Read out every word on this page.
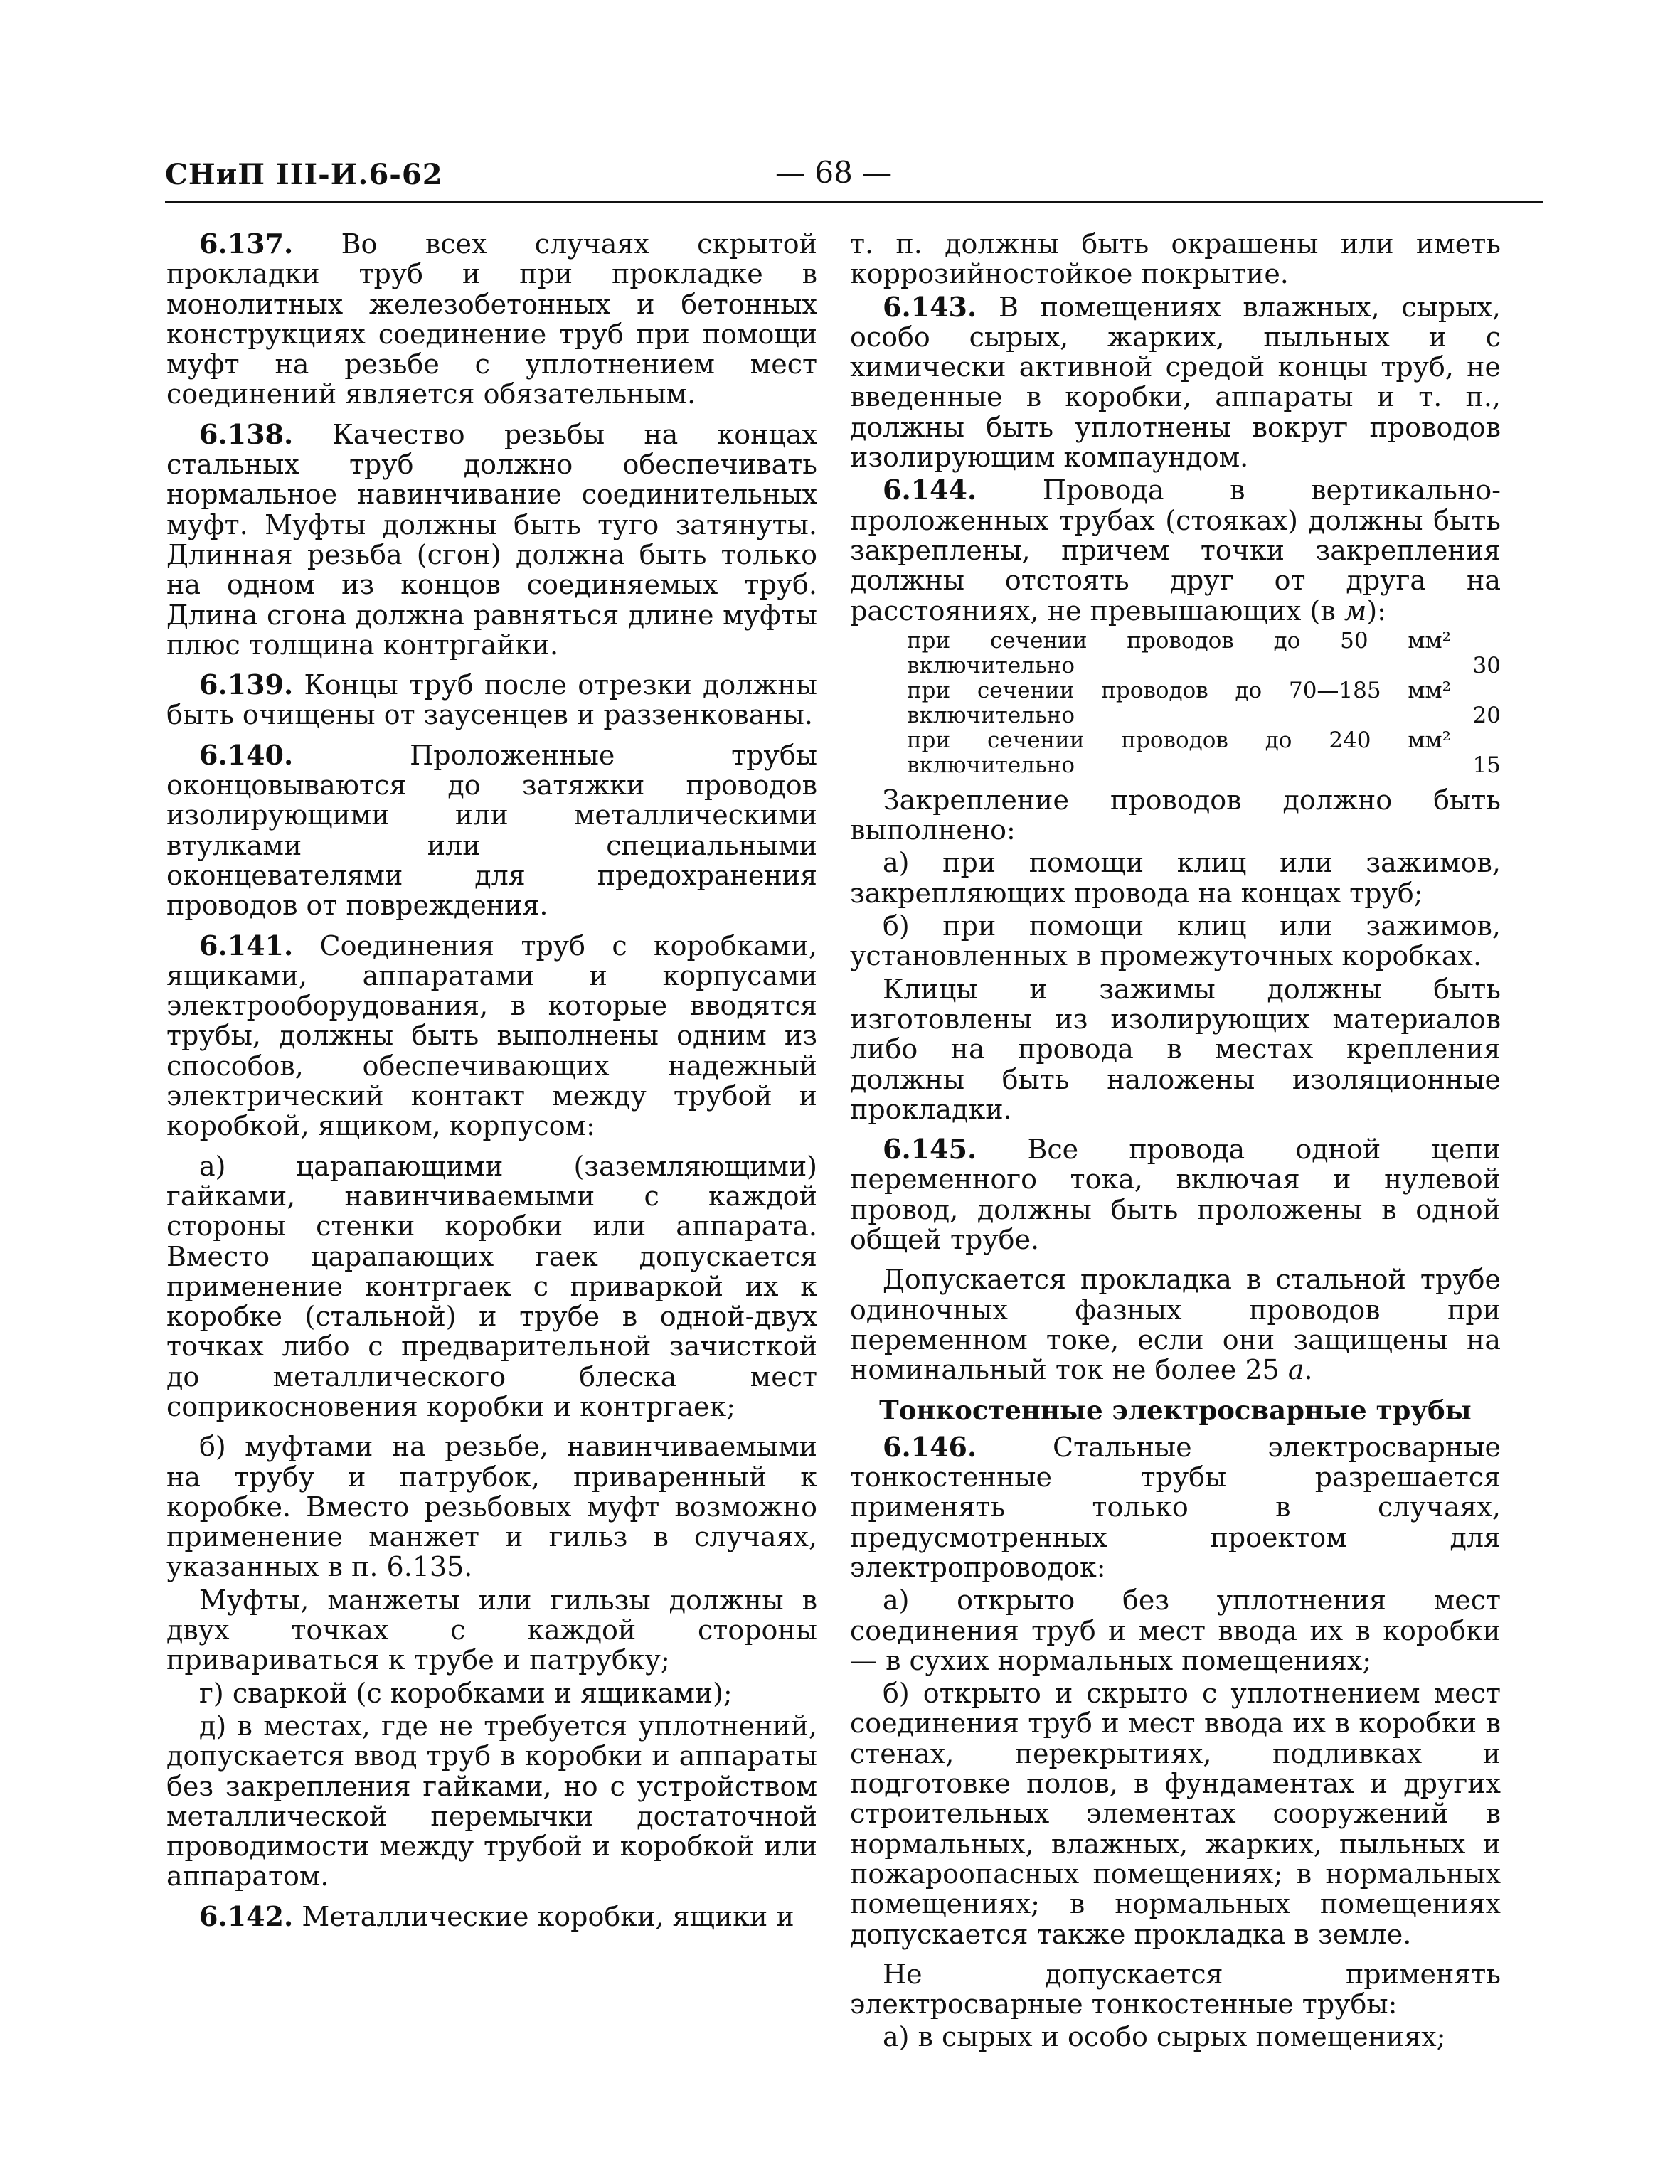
СНиП III-И.6-62	— 68 —

6.137. Во всех случаях скрытой прокладки труб и при прокладке в монолитных железобетонных и бетонных конструкциях соединение труб при помощи муфт на резьбе с уплотнением мест соединений является обязательным.

6.138. Качество резьбы на концах стальных труб должно обеспечивать нормальное навинчивание соединительных муфт. Муфты должны быть туго затянуты. Длинная резьба (сгон) должна быть только на одном из концов соединяемых труб. Длина сгона должна равняться длине муфты плюс толщина контргайки.

6.139. Концы труб после отрезки должны быть очищены от заусенцев и раззенкованы.

6.140.	Проложенные трубы оконцовываются до затяжки проводов изолирующими или металлическими втулками или специальными оконцевателями для предохранения проводов от повреждения.

6.141. Соединения труб с коробками, ящиками, аппаратами и корпусами электрооборудования, в которые вводятся трубы, должны быть выполнены одним из способов, обеспечивающих надежный электрический контакт между трубой и коробкой, ящиком, корпусом:

а) царапающими (заземляющими) гайками, навинчиваемыми с каждой стороны стенки коробки или аппарата. Вместо царапающих гаек допускается применение контргаек с приваркой их к коробке (стальной) и трубе в одной-двух точках либо с предварительной зачисткой до металлического блеска мест соприкосновения коробки и контргаек;

б) муфтами на резьбе, навинчиваемыми на трубу и патрубок, приваренный к коробке. Вместо резьбовых муфт возможно применение манжет и гильз в случаях, указанных в п. 6.135.

Муфты, манжеты или гильзы должны в двух точках с каждой стороны привариваться к трубе и патрубку;

г) сваркой (с коробками и ящиками);

д) в местах, где не требуется уплотнений, допускается ввод труб в коробки и аппараты без закрепления гайками, но с устройством металлической перемычки достаточной проводимости между трубой и коробкой или аппаратом.

6.142. Металлические коробки, ящики и

т. п. должны быть окрашены или иметь коррозийностойкое покрытие.

6.143. В помещениях влажных, сырых, особо сырых, жарких, пыльных и с химически активной средой концы труб, не введенные в коробки, аппараты и т. п., должны быть уплотнены вокруг проводов изолирующим компаундом.

6.144. Провода в вертикально-проложенных трубах (стояках) должны быть закреплены, причем точки закрепления должны отстоять друг от друга на расстояниях, не превышающих (в м):

при сечении проводов до 50 мм² включительно	30
при сечении проводов до 70—185 мм² включительно	20
при сечении проводов до 240 мм² включительно	15

Закрепление проводов должно быть выполнено:

а) при помощи клиц или зажимов, закрепляющих провода на концах труб;

б) при помощи клиц или зажимов, установленных в промежуточных коробках.

Клицы и зажимы должны быть изготовлены из изолирующих материалов либо на провода в местах крепления должны быть наложены изоляционные прокладки.

6.145. Все провода одной цепи переменного тока, включая и нулевой провод, должны быть проложены в одной общей трубе.

Допускается прокладка в стальной трубе одиночных фазных проводов при переменном токе, если они защищены на номинальный ток не более 25 а.

Тонкостенные электросварные трубы

6.146.	Стальные электросварные тонкостенные трубы разрешается применять только в случаях, предусмотренных проектом для электропроводок:

а) открыто без уплотнения мест соединения труб и мест ввода их в коробки — в сухих нормальных помещениях;

б) открыто и скрыто с уплотнением мест соединения труб и мест ввода их в коробки в стенах, перекрытиях, подливках и подготовке полов, в фундаментах и других строительных элементах сооружений в нормальных, влажных, жарких, пыльных и пожароопасных помещениях; в нормальных помещениях; в нормальных помещениях допускается также прокладка в земле.

Не допускается применять электросварные тонкостенные трубы:

а) в сырых и особо сырых помещениях;
